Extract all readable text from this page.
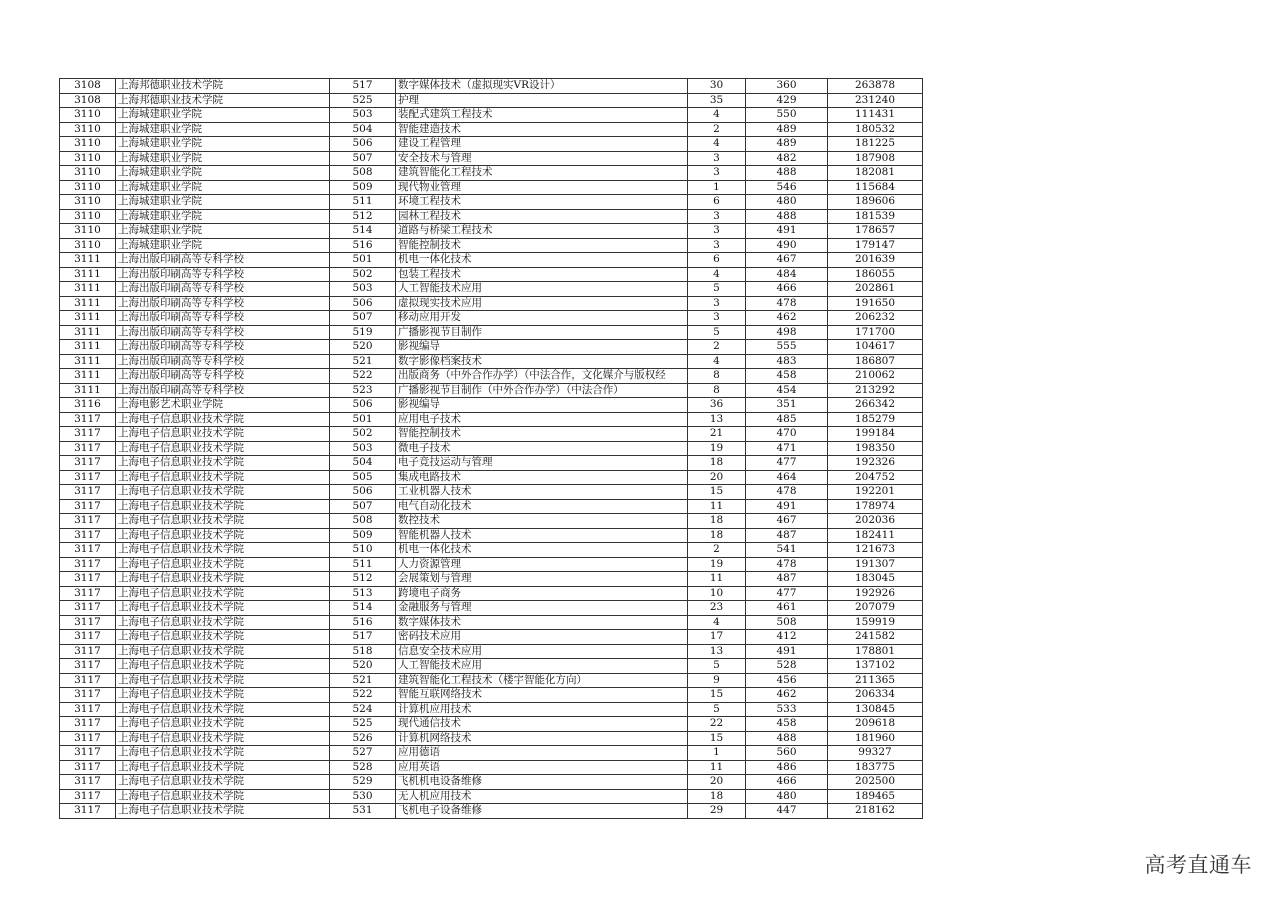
3108	上海邦德职业技术学院	517	数字媒体技术（虚拟现实VR设计）	30	360	263878
3108	上海邦德职业技术学院	525	护理	35	429	231240
3110	上海城建职业学院	503	装配式建筑工程技术	4	550	111431
3110	上海城建职业学院	504	智能建造技术	2	489	180532
3110	上海城建职业学院	506	建设工程管理	4	489	181225
3110	上海城建职业学院	507	安全技术与管理	3	482	187908
3110	上海城建职业学院	508	建筑智能化工程技术	3	488	182081
3110	上海城建职业学院	509	现代物业管理	1	546	115684
3110	上海城建职业学院	511	环境工程技术	6	480	189606
3110	上海城建职业学院	512	园林工程技术	3	488	181539
3110	上海城建职业学院	514	道路与桥梁工程技术	3	491	178657
3110	上海城建职业学院	516	智能控制技术	3	490	179147
3111	上海出版印刷高等专科学校	501	机电一体化技术	6	467	201639
3111	上海出版印刷高等专科学校	502	包装工程技术	4	484	186055
3111	上海出版印刷高等专科学校	503	人工智能技术应用	5	466	202861
3111	上海出版印刷高等专科学校	506	虚拟现实技术应用	3	478	191650
3111	上海出版印刷高等专科学校	507	移动应用开发	3	462	206232
3111	上海出版印刷高等专科学校	519	广播影视节目制作	5	498	171700
3111	上海出版印刷高等专科学校	520	影视编导	2	555	104617
3111	上海出版印刷高等专科学校	521	数字影像档案技术	4	483	186807
3111	上海出版印刷高等专科学校	522	出版商务（中外合作办学）（中法合作，文化媒介与版权经	8	458	210062
3111	上海出版印刷高等专科学校	523	广播影视节目制作（中外合作办学）（中法合作）	8	454	213292
3116	上海电影艺术职业学院	506	影视编导	36	351	266342
3117	上海电子信息职业技术学院	501	应用电子技术	13	485	185279
3117	上海电子信息职业技术学院	502	智能控制技术	21	470	199184
3117	上海电子信息职业技术学院	503	微电子技术	19	471	198350
3117	上海电子信息职业技术学院	504	电子竞技运动与管理	18	477	192326
3117	上海电子信息职业技术学院	505	集成电路技术	20	464	204752
3117	上海电子信息职业技术学院	506	工业机器人技术	15	478	192201
3117	上海电子信息职业技术学院	507	电气自动化技术	11	491	178974
3117	上海电子信息职业技术学院	508	数控技术	18	467	202036
3117	上海电子信息职业技术学院	509	智能机器人技术	18	487	182411
3117	上海电子信息职业技术学院	510	机电一体化技术	2	541	121673
3117	上海电子信息职业技术学院	511	人力资源管理	19	478	191307
3117	上海电子信息职业技术学院	512	会展策划与管理	11	487	183045
3117	上海电子信息职业技术学院	513	跨境电子商务	10	477	192926
3117	上海电子信息职业技术学院	514	金融服务与管理	23	461	207079
3117	上海电子信息职业技术学院	516	数字媒体技术	4	508	159919
3117	上海电子信息职业技术学院	517	密码技术应用	17	412	241582
3117	上海电子信息职业技术学院	518	信息安全技术应用	13	491	178801
3117	上海电子信息职业技术学院	520	人工智能技术应用	5	528	137102
3117	上海电子信息职业技术学院	521	建筑智能化工程技术（楼宇智能化方向）	9	456	211365
3117	上海电子信息职业技术学院	522	智能互联网络技术	15	462	206334
3117	上海电子信息职业技术学院	524	计算机应用技术	5	533	130845
3117	上海电子信息职业技术学院	525	现代通信技术	22	458	209618
3117	上海电子信息职业技术学院	526	计算机网络技术	15	488	181960
3117	上海电子信息职业技术学院	527	应用德语	1	560	99327
3117	上海电子信息职业技术学院	528	应用英语	11	486	183775
3117	上海电子信息职业技术学院	529	飞机机电设备维修	20	466	202500
3117	上海电子信息职业技术学院	530	无人机应用技术	18	480	189465
3117	上海电子信息职业技术学院	531	飞机电子设备维修	29	447	218162
高考直通车
